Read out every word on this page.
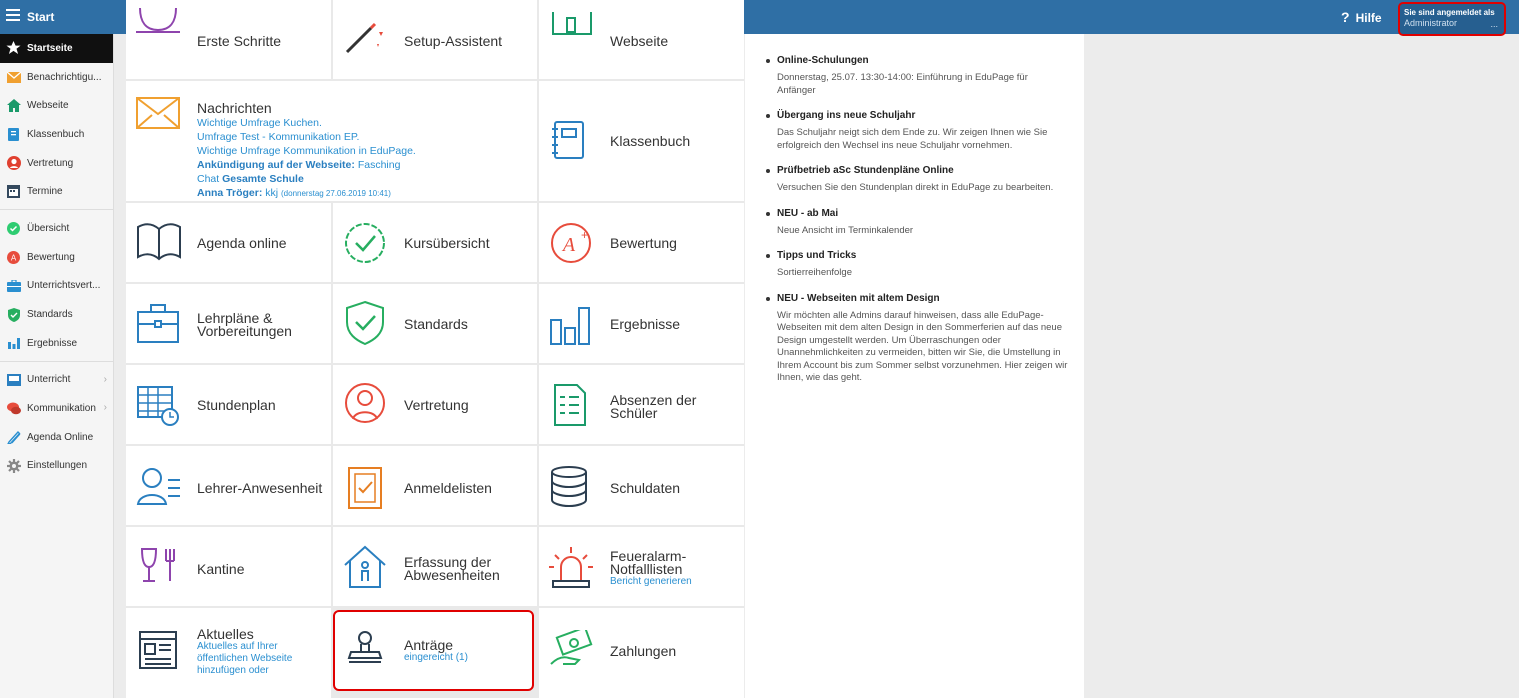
Start	? Hilfe	Sie sind angemeldet als
Administrator	...
Startseite
Benachrichtigu...
Webseite
Klassenbuch
Vertretung
Termine
Übersicht
A Bewertung
Unterrichtsvert...
Standards
Ergebnisse
Unterricht	›
Kommunikation ›
Agenda Online
Einstellungen
Erste Schritte	Setup-Assistent	Webseite
Nachrichten
Wichtige Umfrage Kuchen.
Umfrage Test - Kommunikation EP.
Wichtige Umfrage Kommunikation in EduPage.
Ankündigung auf der Webseite: Fasching
Chat Gesamte Schule
Anna Tröger: kkj (donnerstag 27.06.2019 10:41)
Klassenbuch
Agenda online	Kursübersicht	A + Bewertung
Lehrpläne &
Vorbereitungen	Standards	Ergebnisse
Stundenplan	Vertretung	Absenzen der
Schüler
Lehrer-Anwesenheit	Anmeldelisten	Schuldaten
Kantine	Erfassung der
Abwesenheiten
Feueralarm-
Notfalllisten
Bericht generieren
Aktuelles
Aktuelles auf Ihrer
öffentlichen Webseite
hinzufügen oder
Anträge
eingereicht (1)	Zahlungen
Online-Schulungen
Donnerstag, 25.07. 13:30-14:00: Einführung in EduPage für Anfänger
Übergang ins neue Schuljahr
Das Schuljahr neigt sich dem Ende zu. Wir zeigen Ihnen wie Sie erfolgreich den Wechsel ins neue Schuljahr vornehmen.
Prüfbetrieb aSc Stundenpläne Online
Versuchen Sie den Stundenplan direkt in EduPage zu bearbeiten.
NEU - ab Mai
Neue Ansicht im Terminkalender
Tipps und Tricks
Sortierreihenfolge
NEU - Webseiten mit altem Design
Wir möchten alle Admins darauf hinweisen, dass alle EduPage-Webseiten mit dem alten Design in den Sommerferien auf das neue Design umgestellt werden. Um Überraschungen oder Unannehmlichkeiten zu vermeiden, bitten wir Sie, die Umstellung in Ihrem Account bis zum Sommer selbst vorzunehmen. Hier zeigen wir Ihnen, wie das geht.
